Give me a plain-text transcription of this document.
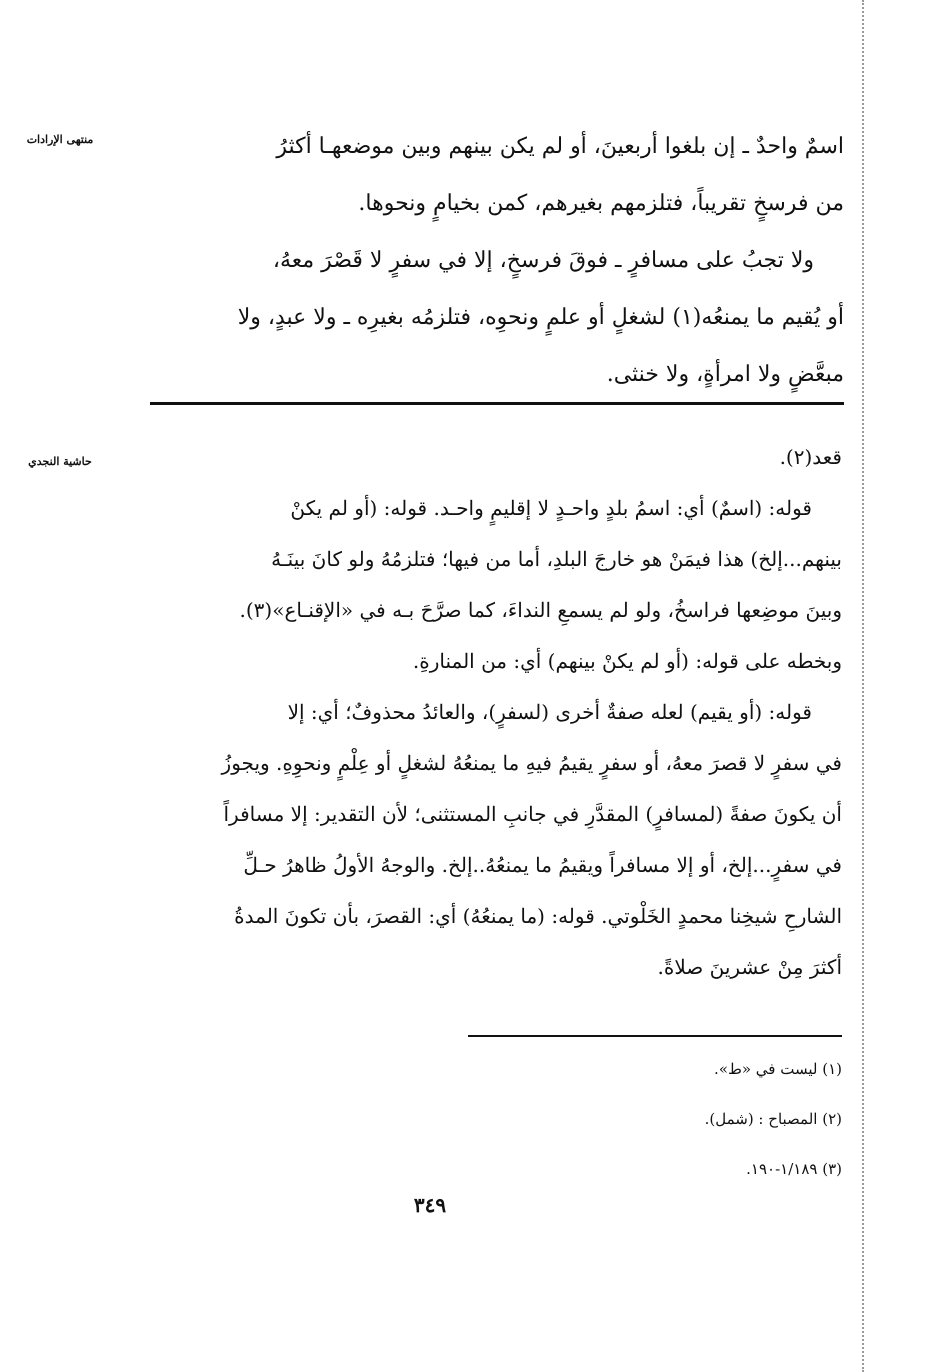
منتهى الإرادات
حاشية النجدي
اسمٌ واحدٌ ـ إن بلغوا أربعينَ، أو لم يكن بينهم وبين موضعهـا أكثرُ
من فرسخٍ تقريباً، فتلزمهم بغيرهم، كمن بخيامٍ ونحوها.
ولا تجبُ على مسافرٍ ـ فوقَ فرسخٍ، إلا في سفرٍ لا قَصْرَ معهُ،
أو يُقيم ما يمنعُه(١) لشغلٍ أو علمٍ ونحوِه، فتلزمُه بغيرِه ـ ولا عبدٍ، ولا
مبعَّضٍ ولا امرأةٍ، ولا خنثى.
قعد(٢).
قوله: (اسمٌ) أي: اسمُ بلدٍ واحـدٍ لا إقليمٍ واحـد. قوله: (أو لم يكنْ
بينهم...إلخ) هذا فيمَنْ هو خارجَ البلدِ، أما من فيها؛ فتلزمُهُ ولو كانَ بينَـهُ
وبينَ موضِعها فراسخُ، ولو لم يسمعِ النداءَ، كما صرَّحَ بـه في «الإقنـاع»(٣).
وبخطه على قوله: (أو لم يكنْ بينهم) أي: من المنارةِ.
قوله: (أو يقيم) لعله صفةٌ أخرى (لسفرٍ)، والعائدُ محذوفٌ؛ أي: إلا
في سفرٍ لا قصرَ معهُ، أو سفرٍ يقيمُ فيهِ ما يمنعُهُ لشغلٍ أو عِلْمٍ ونحوِهِ. ويجوزُ
أن يكونَ صفةً (لمسافرٍ) المقدَّرِ في جانبِ المستثنى؛ لأن التقدير: إلا مسافراً
في سفرٍ...إلخ، أو إلا مسافراً ويقيمُ ما يمنعُهُ..إلخ. والوجهُ الأولُ ظاهرُ حـلِّ
الشارحِ شيخِنا محمدٍ الخَلْوتي. قوله: (ما يمنعُهُ) أي: القصرَ، بأن تكونَ المدةُ
أكثرَ مِنْ عشرينَ صلاةً.
(١) ليست في «ط».
(٢) المصباح : (شمل).
(٣) ١/١٨٩-١٩٠.
٣٤٩
